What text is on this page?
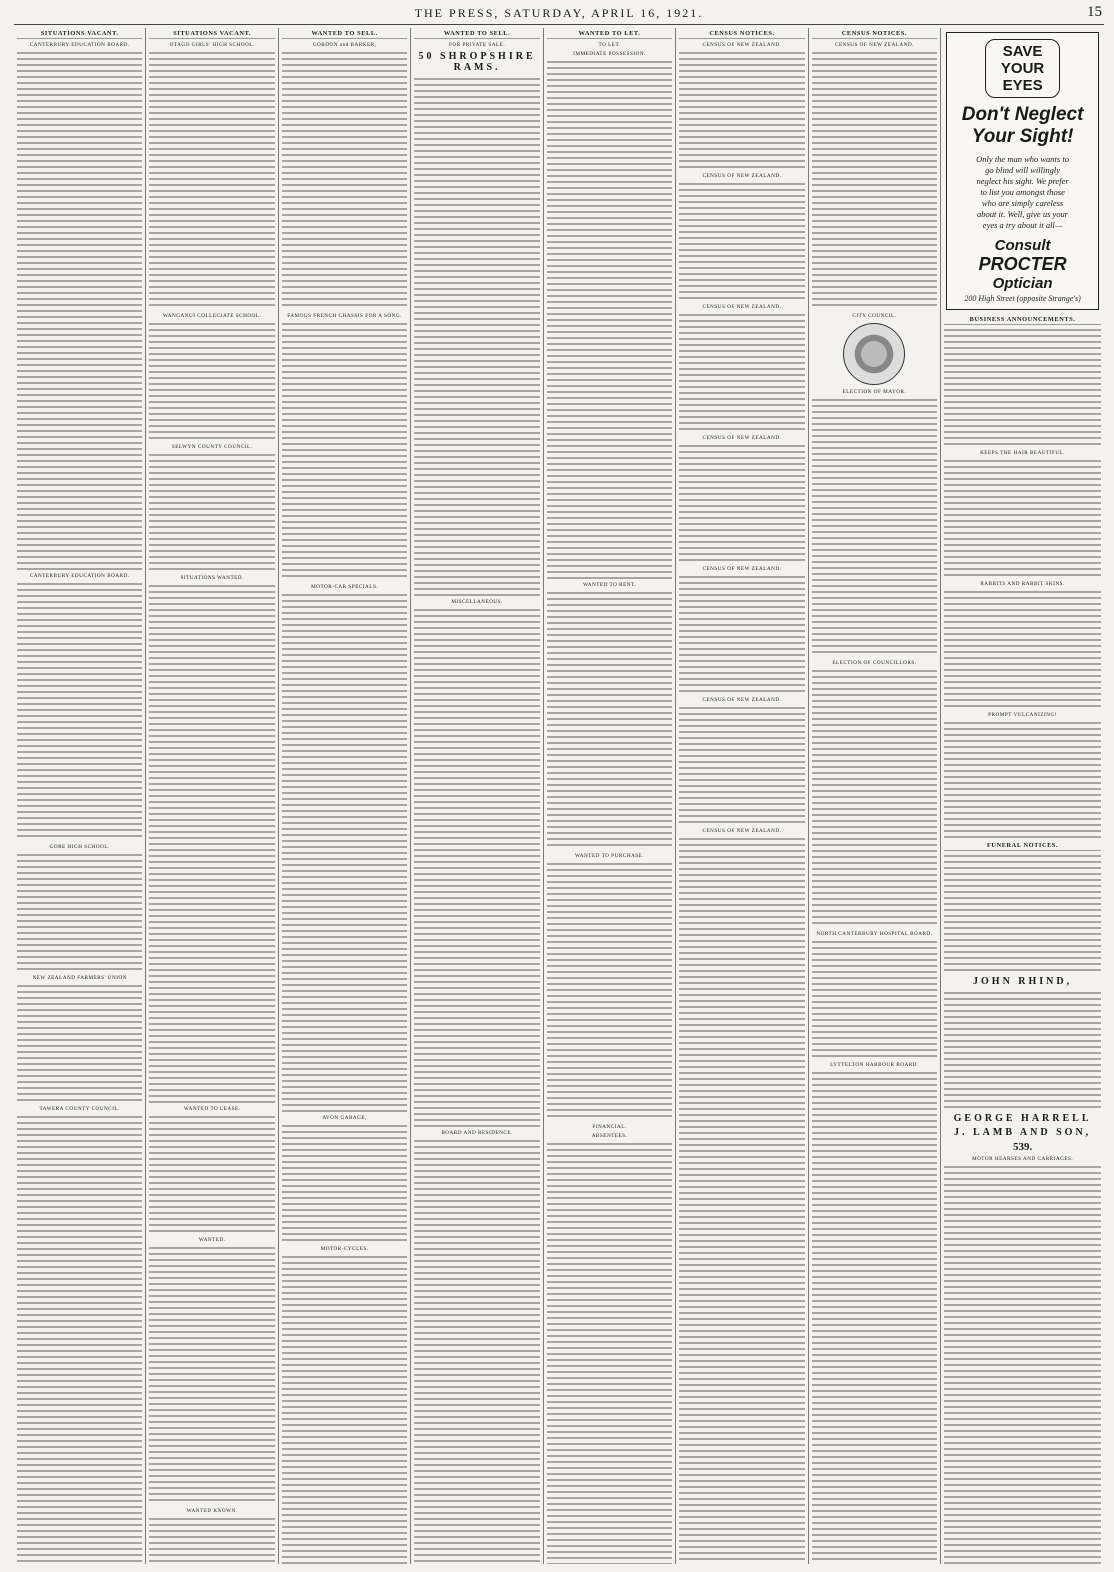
THE PRESS, SATURDAY, APRIL 16, 1921.	15
SITUATIONS VACANT.
CANTERBURY EDUCATION BOARD.
CANTERBURY EDUCATION BOARD.
GORE HIGH SCHOOL.
NEW ZEALAND FARMERS' UNION
TAWERA COUNTY COUNCIL.
SITUATIONS VACANT.
OTAGO GIRLS' HIGH SCHOOL.
WANGANUI COLLEGIATE SCHOOL.
SELWYN COUNTY COUNCIL.
SITUATIONS WANTED.
WANTED TO LEASE.
WANTED.
WANTED KNOWN.
WANTED TO SELL.
GORDON and BARKER,
FAMOUS FRENCH CHASSIS FOR A SONG.
MOTOR-CAR SPECIALS.
AVON GARAGE,
MOTOR-CYCLES.
WANTED TO SELL.
FOR PRIVATE SALE.
50 SHROPSHIRE RAMS.
MISCELLANEOUS.
BOARD AND RESIDENCE.
WANTED TO LET.
TO LET.
IMMEDIATE POSSESSION.
WANTED TO RENT.
WANTED TO PURCHASE.
FINANCIAL.
ABSENTEES.
CENSUS NOTICES.
CENSUS OF NEW ZEALAND.
CENSUS OF NEW ZEALAND.
CENSUS OF NEW ZEALAND.
CENSUS OF NEW ZEALAND.
CENSUS OF NEW ZEALAND.
CENSUS OF NEW ZEALAND.
CENSUS OF NEW ZEALAND.
CENSUS NOTICES.
CENSUS OF NEW ZEALAND.
CITY COUNCIL.
ELECTION OF MAYOR.
ELECTION OF COUNCILLORS.
NORTH CANTERBURY HOSPITAL BOARD.
LYTTELTON HARBOUR BOARD.
SAVE YOUR EYES
Don't Neglect Your Sight!
Only the man who wants to go blind will willingly neglect his sight. We prefer to list you amongst those who are simply careless about it. Well, give us your eyes a try about it all—
Consult PROCTER Optician
200 High Street (opposite Strange's)
BUSINESS ANNOUNCEMENTS.
KEEPS THE HAIR BEAUTIFUL.
RABBITS AND RABBIT SKINS.
PROMPT VULCANIZING!
FUNERAL NOTICES.
JOHN RHIND,
GEORGE HARRELL
J. LAMB AND SON,
539.
MOTOR HEARSES AND CARRIAGES.
